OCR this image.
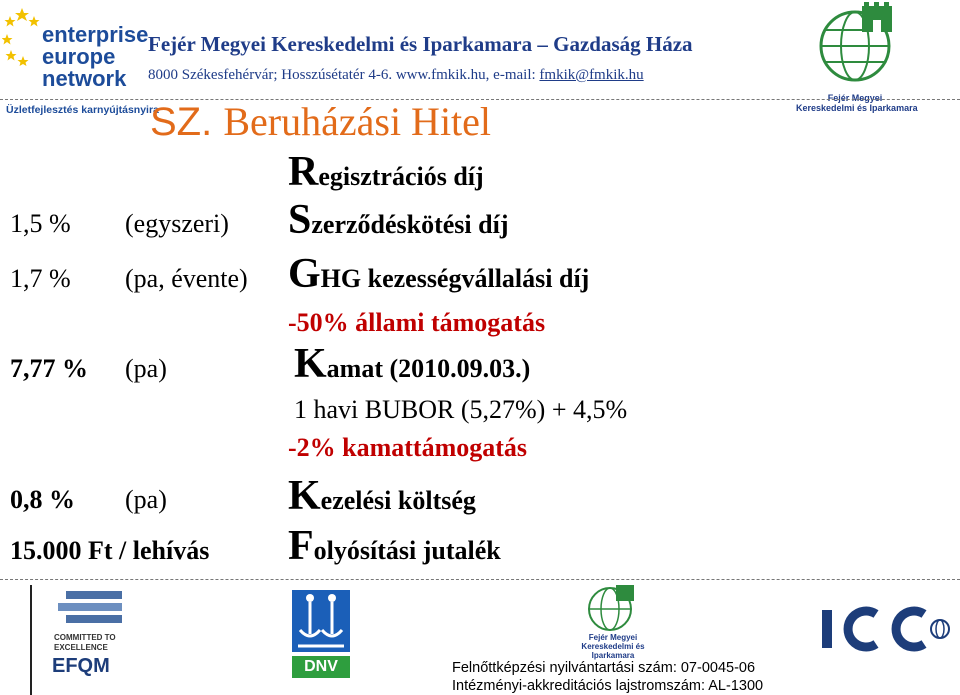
enterprise
europe
network
Üzletfejlesztés karnyújtásnyira
Fejér Megyei Kereskedelmi és Iparkamara – Gazdaság Háza
8000 Székesfehérvár; Hosszúsétatér 4-6. www.fmkik.hu, e-mail: fmkik@fmkik.hu
Fejér Megyei
Kereskedelmi és Iparkamara
SZ. Beruházási Hitel
Regisztrációs díj
1,5 % (egyszeri) Szerződéskötési díj
1,7 % (pa, évente) GHG kezességvállalási díj
-50% állami támogatás
7,77 % (pa)	Kamat (2010.09.03.)
1 havi BUBOR (5,27%) + 4,5%
-2% kamattámogatás
0,8 % (pa)	Kezelési költség
15.000 Ft / lehívás Folyósítási jutalék
COMMITTED TO
EXCELLENCE
EFQM	DNV
Fejér Megyei
Kereskedelmi és
Iparkamara
Felnőttképzési nyilvántartási szám: 07-0045-06
Intézményi-akkreditációs lajstromszám: AL-1300
